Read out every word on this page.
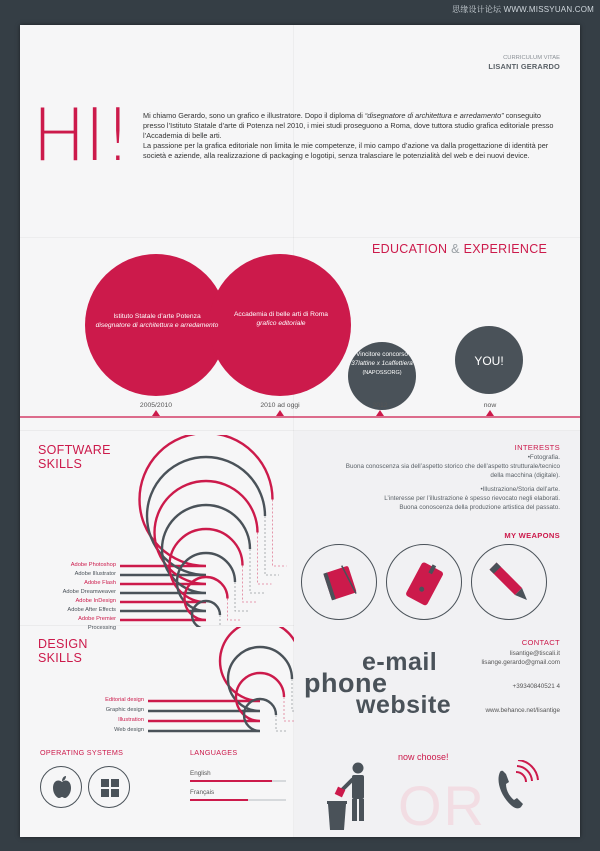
思缘设计论坛 WWW.MISSYUAN.COM
CURRICULUM VITAE
LISANTI GERARDO
HI! Mi chiamo Gerardo, sono un grafico e illustratore. Dopo il diploma di “disegnatore di architettura e arredamento” conseguito presso l’Istituto Statale d’arte di Potenza nel 2010, i miei studi proseguono a Roma, dove tuttora studio grafica editoriale presso l’Accademia di belle arti.
La passione per la grafica editoriale non limita le mie competenze, il mio campo d’azione va dalla progettazione di identità per società e aziende, alla realizzazione di packaging e logotipi, senza tralasciare le potenzialità del web e dei nuovi device.
EDUCATION & EXPERIENCE
Istituto Statale d’arte Potenza
disegnatore di architettura e arredamento
Accademia di belle arti di Roma
grafico editoriale
Vincitore concorso
37lattine x 1caffettiera
(NAPOSSORG)
YOU!
2005/2010	2010 ad oggi	2012	now
SOFTWARE
SKILLS
Adobe Photoshop
Adobe Illustrator
Adobe Flash
Adobe Dreamweaver
Adobe InDesign
Adobe After Effects
Adobe Premier
Processing
INTERESTS
•Fotografia.
Buona conoscenza sia dell’aspetto storico che dell’aspetto strutturale/tecnico
della macchina (digitale).
•Illustrazione/Storia dell’arte.
L’interesse per l’illustrazione è spesso rievocato negli elaborati.
Buona conoscenza della produzione artistica del passato.
MY WEAPONS
DESIGN
SKILLS
Editorial design
Graphic design
Illustration
Web design
CONTACT
lisantige@tiscali.it
lisange.gerardo@gmail.com
+39340840521 4
www.behance.net/lisantige
e-mail
phone
website
OPERATING SYSTEMS	LANGUAGES
English
Français
now choose!
OR
